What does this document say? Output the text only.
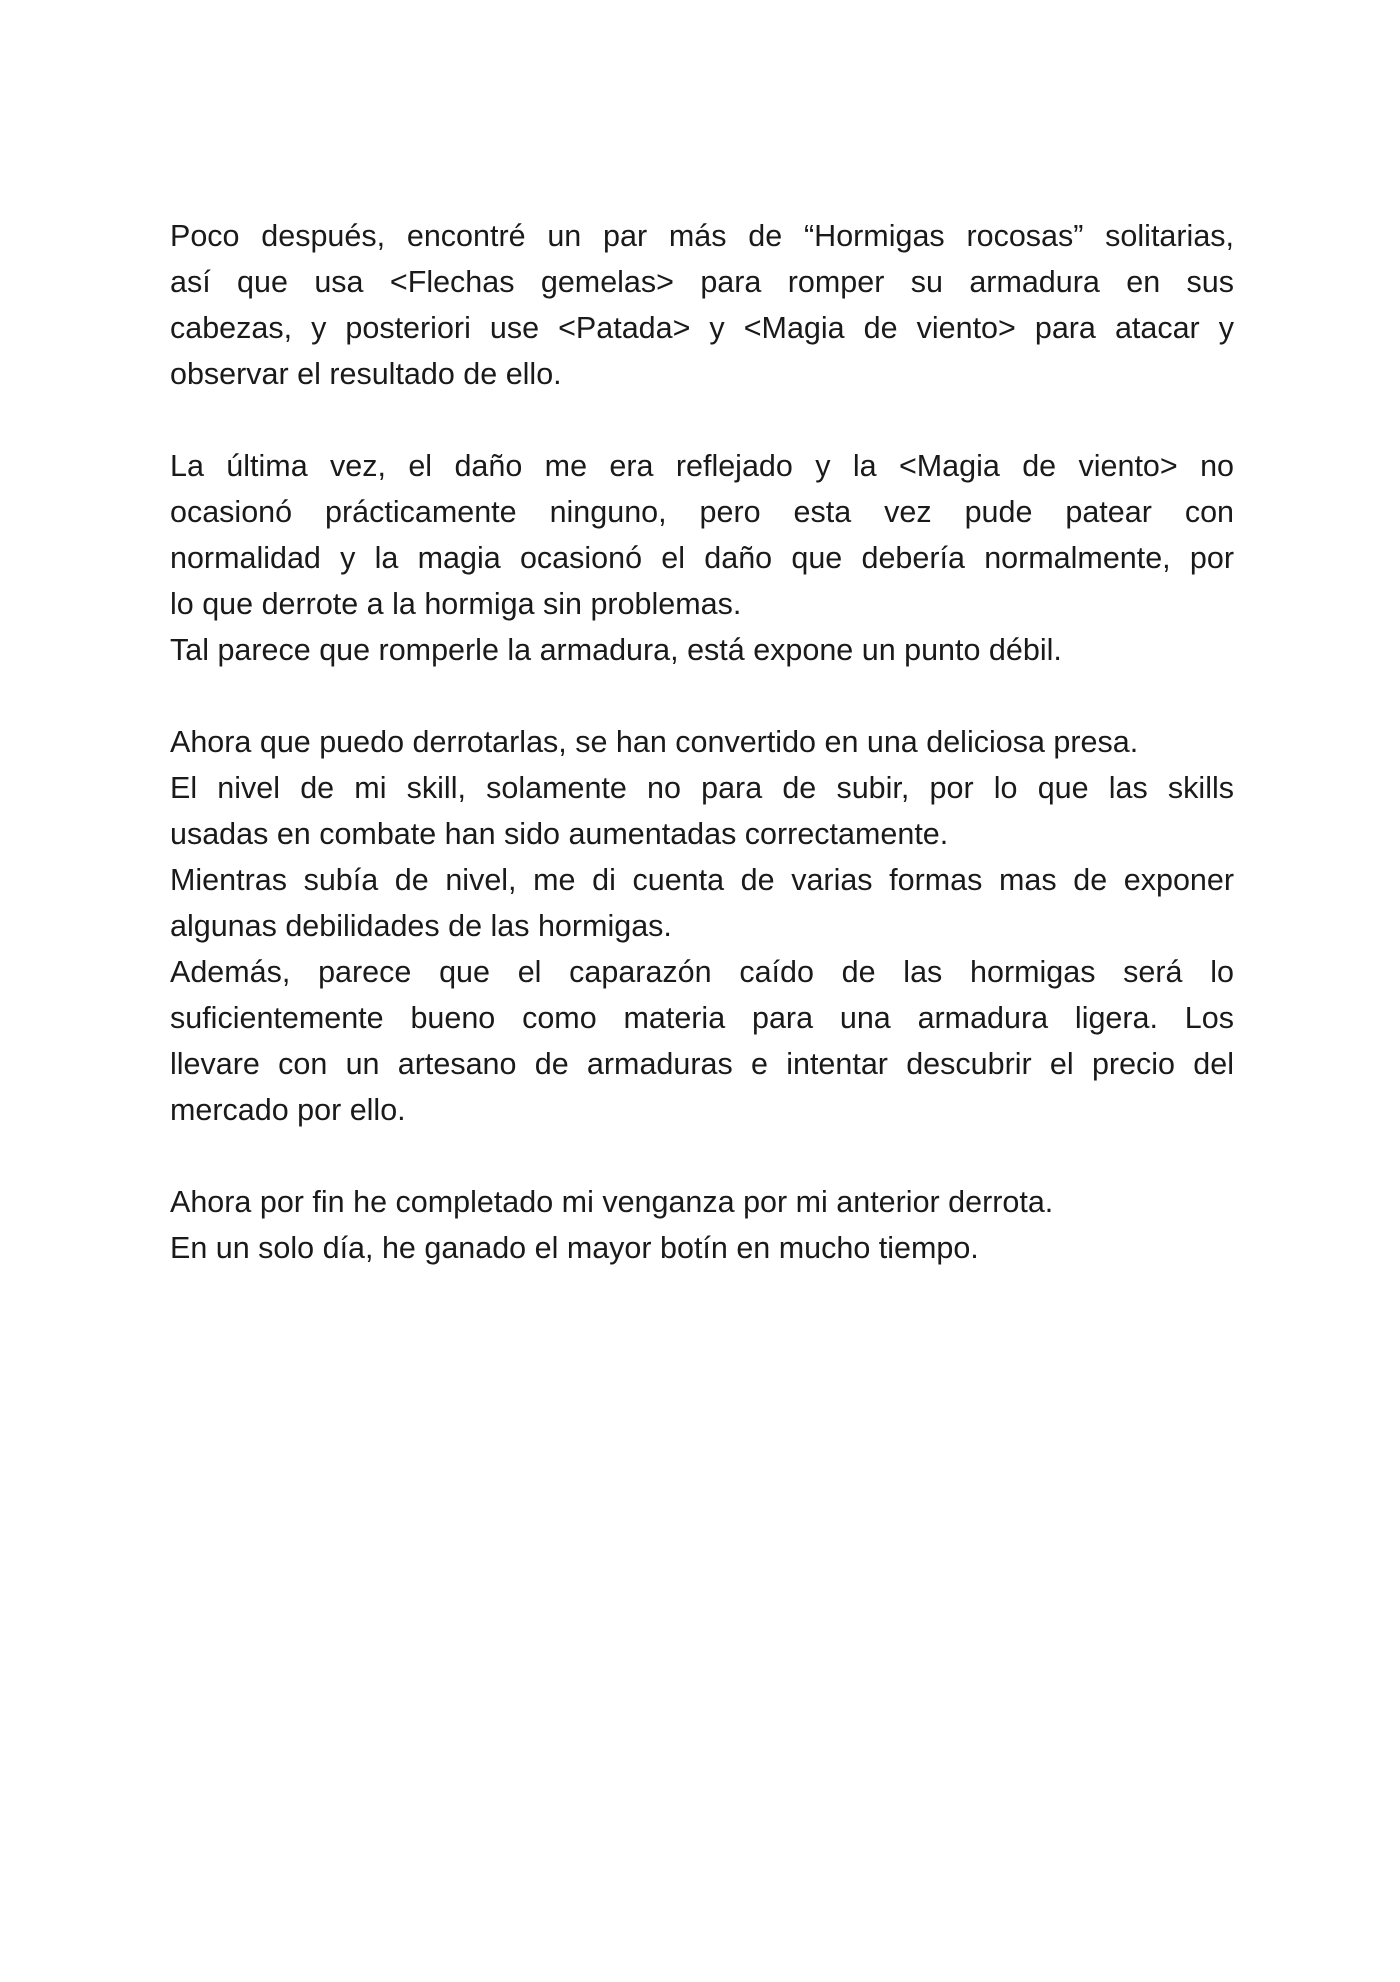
Poco después, encontré un par más de “Hormigas rocosas” solitarias,
así que usa <Flechas gemelas> para romper su armadura en sus
cabezas, y posteriori use <Patada> y <Magia de viento> para atacar y
observar el resultado de ello.

La última vez, el daño me era reflejado y la <Magia de viento> no
ocasionó prácticamente ninguno, pero esta vez pude patear con
normalidad y la magia ocasionó el daño que debería normalmente, por
lo que derrote a la hormiga sin problemas.
Tal parece que romperle la armadura, está expone un punto débil.

Ahora que puedo derrotarlas, se han convertido en una deliciosa presa.
El nivel de mi skill, solamente no para de subir, por lo que las skills
usadas en combate han sido aumentadas correctamente.
Mientras subía de nivel, me di cuenta de varias formas mas de exponer
algunas debilidades de las hormigas.
Además, parece que el caparazón caído de las hormigas será lo
suficientemente bueno como materia para una armadura ligera. Los
llevare con un artesano de armaduras e intentar descubrir el precio del
mercado por ello.

Ahora por fin he completado mi venganza por mi anterior derrota.
En un solo día, he ganado el mayor botín en mucho tiempo.
